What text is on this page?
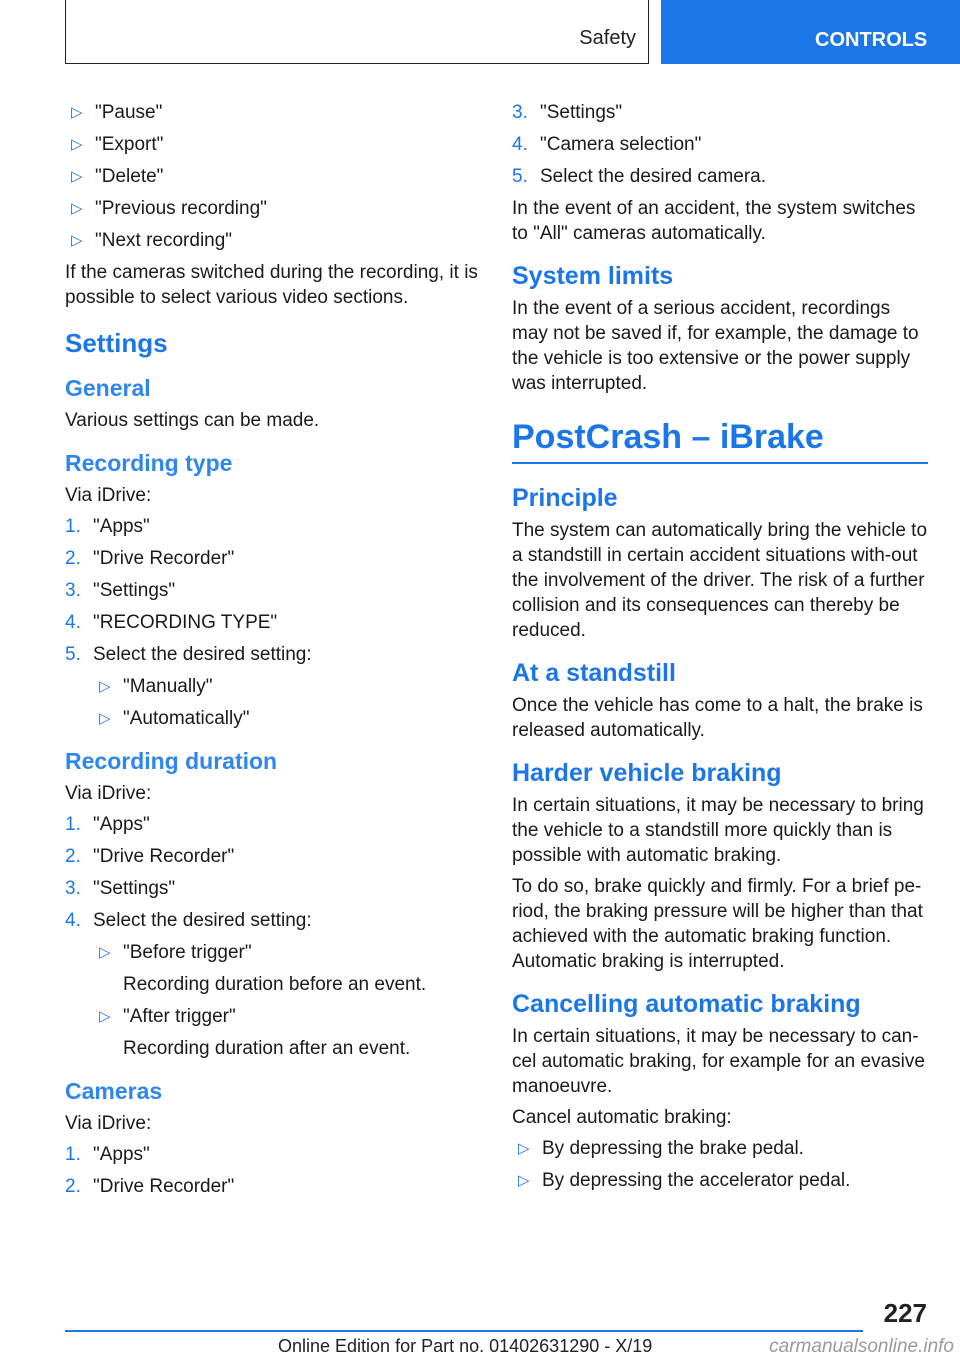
Safety	CONTROLS
▷ "Pause"
▷ "Export"
▷ "Delete"
▷ "Previous recording"
▷ "Next recording"

If the cameras switched during the recording, it is possible to select various video sections.

Settings
General

Various settings can be made.

Recording type

Via iDrive:

1. "Apps"
2. "Drive Recorder"
3. "Settings"
4. "RECORDING TYPE"
5. Select the desired setting:
▷ "Manually"
▷ "Automatically"
Recording duration

Via iDrive:

1. "Apps"
2. "Drive Recorder"
3. "Settings"
4. Select the desired setting:
▷ "Before trigger"
Recording duration before an event.
▷ "After trigger"
Recording duration after an event.
Cameras

Via iDrive:

1. "Apps"
2. "Drive Recorder"
3. "Settings"
4. "Camera selection"
5. Select the desired camera.

In the event of an accident, the system switches to "All" cameras automatically.

System limits

In the event of a serious accident, recordings may not be saved if, for example, the damage to the vehicle is too extensive or the power supply was interrupted.

PostCrash – iBrake
Principle

The system can automatically bring the vehicle to a standstill in certain accident situations with-out the involvement of the driver. The risk of a further collision and its consequences can thereby be reduced.

At a standstill

Once the vehicle has come to a halt, the brake is released automatically.

Harder vehicle braking

In certain situations, it may be necessary to bring the vehicle to a standstill more quickly than is possible with automatic braking.

To do so, brake quickly and firmly. For a brief pe-riod, the braking pressure will be higher than that achieved with the automatic braking function. Automatic braking is interrupted.

Cancelling automatic braking

In certain situations, it may be necessary to can-cel automatic braking, for example for an evasive manoeuvre.

Cancel automatic braking:

▷ By depressing the brake pedal.
▷ By depressing the accelerator pedal.
227
Online Edition for Part no. 01402631290 - X/19	carmanualsonline.info
